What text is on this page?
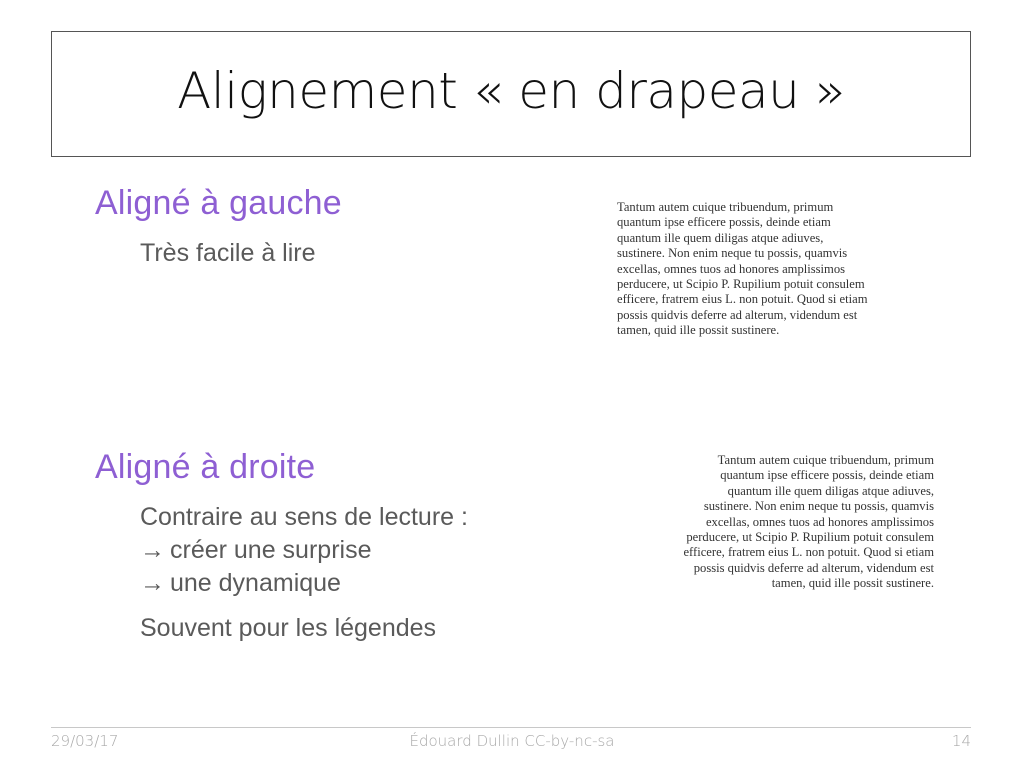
Alignement « en drapeau »
Aligné à gauche
Très facile à lire
Tantum autem cuique tribuendum, primum
quantum ipse efficere possis, deinde etiam
quantum ille quem diligas atque adiuves,
sustinere. Non enim neque tu possis, quamvis
excellas, omnes tuos ad honores amplissimos
perducere, ut Scipio P. Rupilium potuit consulem
efficere, fratrem eius L. non potuit. Quod si etiam
possis quidvis deferre ad alterum, videndum est
tamen, quid ille possit sustinere.
Aligné à droite
Contraire au sens de lecture :
→ créer une surprise
→ une dynamique
Souvent pour les légendes
Tantum autem cuique tribuendum, primum
quantum ipse efficere possis, deinde etiam
quantum ille quem diligas atque adiuves,
sustinere. Non enim neque tu possis, quamvis
excellas, omnes tuos ad honores amplissimos
perducere, ut Scipio P. Rupilium potuit consulem
efficere, fratrem eius L. non potuit. Quod si etiam
possis quidvis deferre ad alterum, videndum est
tamen, quid ille possit sustinere.
29/03/17	Édouard Dullin CC-by-nc-sa	14
